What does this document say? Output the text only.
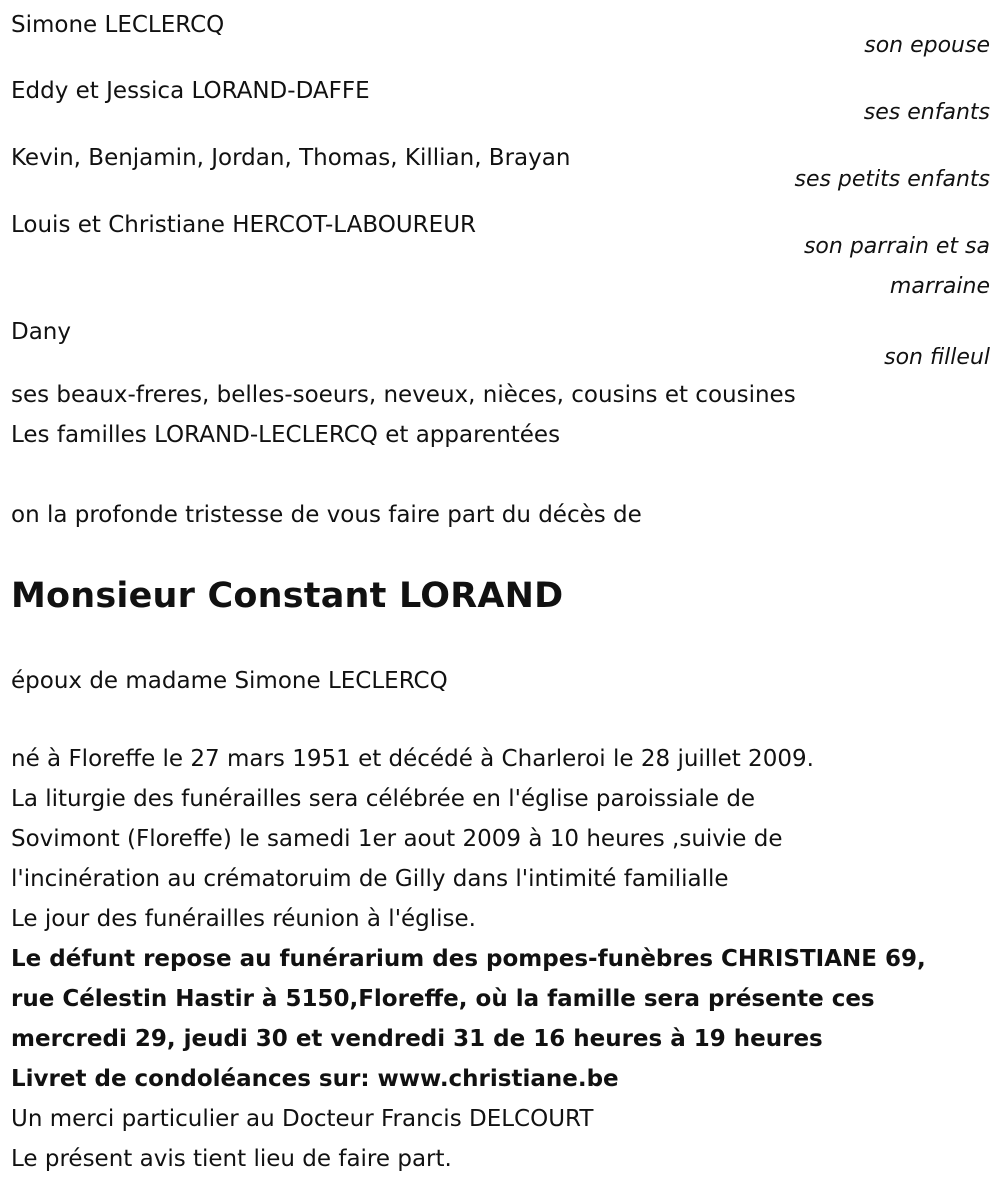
Simone LECLERCQ
son epouse
Eddy et Jessica LORAND-DAFFE
ses enfants
Kevin, Benjamin, Jordan, Thomas, Killian, Brayan
ses petits enfants
Louis et Christiane HERCOT-LABOUREUR
son parrain et sa
marraine
Dany
son filleul
ses beaux-freres, belles-soeurs, neveux, nièces, cousins et cousines
Les familles LORAND-LECLERCQ et apparentées
on la profonde tristesse de vous faire part du décès de
Monsieur Constant LORAND
époux de madame Simone LECLERCQ
né à Floreffe le 27 mars 1951 et décédé à Charleroi le 28 juillet 2009.
La liturgie des funérailles sera célébrée en l'église paroissiale de
Sovimont (Floreffe) le samedi 1er aout 2009 à 10 heures ,suivie de
l'incinération au crématoruim de Gilly dans l'intimité familialle
Le jour des funérailles réunion à l'église.
Le défunt repose au funérarium des pompes-funèbres CHRISTIANE 69,
rue Célestin Hastir à 5150,Floreffe, où la famille sera présente ces
mercredi 29, jeudi 30 et vendredi 31 de 16 heures à 19 heures
Livret de condoléances sur: www.christiane.be
Un merci particulier au Docteur Francis DELCOURT
Le présent avis tient lieu de faire part.
